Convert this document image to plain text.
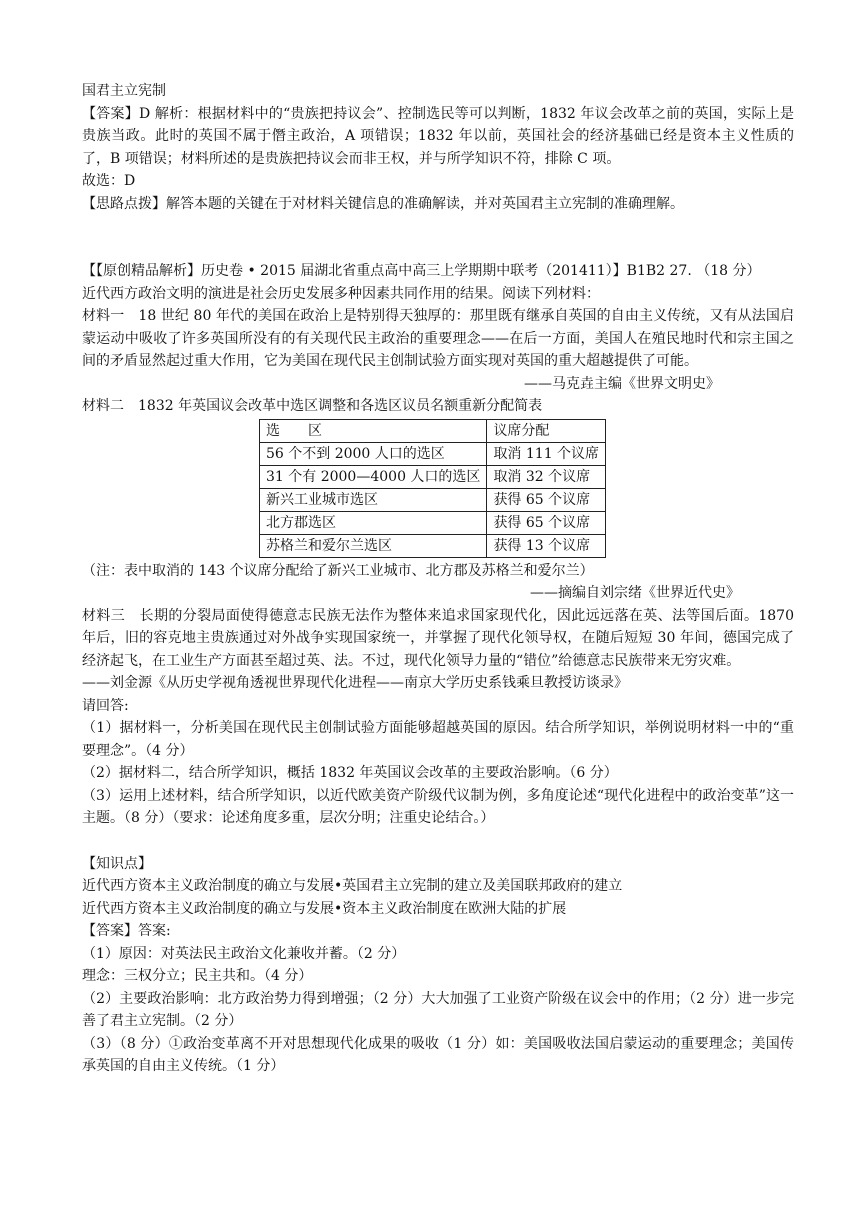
国君主立宪制

【答案】D 解析：根据材料中的“贵族把持议会”、控制选民等可以判断，1832 年议会改革之前的英国，实际上是贵族当政。此时的英国不属于僭主政治，A 项错误；1832 年以前，英国社会的经济基础已经是资本主义性质的了，B 项错误；材料所述的是贵族把持议会而非王权，并与所学知识不符，排除 C 项。

故选：D

【思路点拨】解答本题的关键在于对材料关键信息的准确解读，并对英国君主立宪制的准确理解。

【【原创精品解析】历史卷 • 2015 届湖北省重点高中高三上学期期中联考（201411）】B1B2 27. （18 分）

近代西方政治文明的演进是社会历史发展多种因素共同作用的结果。阅读下列材料：

材料一　18 世纪 80 年代的美国在政治上是特别得天独厚的：那里既有继承自英国的自由主义传统，又有从法国启蒙运动中吸收了许多英国所没有的有关现代民主政治的重要理念——在后一方面，美国人在殖民地时代和宗主国之间的矛盾显然起过重大作用，它为美国在现代民主创制试验方面实现对英国的重大超越提供了可能。

——马克垚主编《世界文明史》

材料二　1832 年英国议会改革中选区调整和各选区议员名额重新分配简表

选　　区	议席分配
56 个不到 2000 人口的选区	取消 111 个议席
31 个有 2000—4000 人口的选区	取消 32 个议席
新兴工业城市选区	获得 65 个议席
北方郡选区	获得 65 个议席
苏格兰和爱尔兰选区	获得 13 个议席

（注：表中取消的 143 个议席分配给了新兴工业城市、北方郡及苏格兰和爱尔兰）

——摘编自刘宗绪《世界近代史》

材料三　长期的分裂局面使得德意志民族无法作为整体来追求国家现代化，因此远远落在英、法等国后面。1870 年后，旧的容克地主贵族通过对外战争实现国家统一，并掌握了现代化领导权，在随后短短 30 年间，德国完成了经济起飞，在工业生产方面甚至超过英、法。不过，现代化领导力量的“错位”给德意志民族带来无穷灾难。

——刘金源《从历史学视角透视世界现代化进程——南京大学历史系钱乘旦教授访谈录》

请回答:

（1）据材料一，分析美国在现代民主创制试验方面能够超越英国的原因。结合所学知识，举例说明材料一中的“重要理念”。（4 分）

（2）据材料二，结合所学知识，概括 1832 年英国议会改革的主要政治影响。（6 分）

（3）运用上述材料，结合所学知识，以近代欧美资产阶级代议制为例，多角度论述“现代化进程中的政治变革”这一主题。（8 分）（要求：论述角度多重，层次分明；注重史论结合。）

【知识点】

近代西方资本主义政治制度的确立与发展•英国君主立宪制的建立及美国联邦政府的建立

近代西方资本主义政治制度的确立与发展•资本主义政治制度在欧洲大陆的扩展

【答案】答案:

（1）原因：对英法民主政治文化兼收并蓄。（2 分）

理念：三权分立；民主共和。（4 分）

（2）主要政治影响：北方政治势力得到增强；（2 分）大大加强了工业资产阶级在议会中的作用；（2 分）进一步完善了君主立宪制。（2 分）

（3）（8 分）①政治变革离不开对思想现代化成果的吸收（1 分）如：美国吸收法国启蒙运动的重要理念；美国传承英国的自由主义传统。（1 分）
